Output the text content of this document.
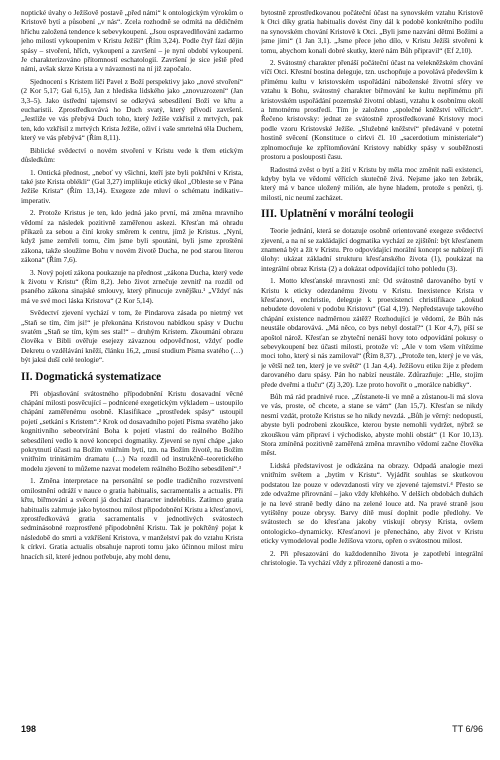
noptické úvahy o Ježíšově postavě „před námi“ k ontologickým výrokům o Kristově bytí a působení „v nás“. Zcela rozhodně se odmítá na dědičném hříchu založená tendence k sebevykoupení. „Jsou ospravedlňováni zadarmo jeho milostí vykoupením v Kristu Ježíši“ (Řím 3,24). Podle čtyř fází dějin spásy – stvoření, hřích, vykoupení a završení – je nyní období vykoupení. Je charakterizováno přítomností eschatologií. Završení je sice ještě před námi, avšak skrze Krista a v návaznosti na ní již započalo.

Sjednocení s Kristem líčí Pavel z Boží perspektivy jako „nové stvoření“ (2 Kor 5,17; Gal 6,15), Jan z hlediska lidského jako „znovuzrození“ (Jan 3,3–5). Jako ústřední tajemství se odkrývá sebesdílení Boží ve křtu a eucharistii. Zprostředkovává ho Duch svatý, který přivodí završení. „Jestliže ve vás přebývá Duch toho, který Ježíše vzkřísil z mrtvých, pak ten, kdo vzkřísil z mrtvých Krista Ježíše, oživí i vaše smrtelná těla Duchem, který ve vás přebývá“ (Řím 8,11).

Biblické svědectví o novém stvoření v Kristu vede k třem etickým důsledkům:

1. Ontická přednost, „neboť vy všichni, kteří jste byli pokřtěni v Krista, také jste Krista oblékli“ (Gal 3,27) implikuje etický úkol „Obleste se v Pána Ježíše Krista“ (Řím 13,14). Exegeze zde mluví o schématu indikativ–imperativ.

2. Protože Kristus je ten, kdo jedná jako první, má změna mravního vědomí za následek pozitivně zaměřenou askezi. Křesťan má ohradu příkazů za sebou a činí kroky směrem k centru, jímž je Kristus. „Nyní, když jsme zemřeli tomu, čím jsme byli spoutáni, byli jsme zproštěni zákona, takže sloužíme Bohu v novém životě Ducha, ne pod starou literou zákona“ (Řím 7,6).

3. Nový pojetí zákona poukazuje na přednost „zákona Ducha, který vede k životu v Kristu“ (Řím 8,2). Jeho život zrnečuje zevnitř na rozdíl od psaného zákona sinajské smlouvy, který přinucuje zvnějšku.¹ „Vždyť nás má ve své moci láska Kristova“ (2 Kor 5,14).

Svědectví zjevení vychází v tom, že Pindarova zásada po nietrný vet „Staň se tím, čím jsi!“ je překonána Kristovou nabídkou spásy v Duchu svatém „Staň se tím, kým ses stal!“ – druhým Kristem. Zkoumání obrazu člověka v Bibli ověřuje esejezy závaznou odpověďnost, vždyť podle Dekretu o vzdělávání kněží, článku 16,2, „musí studium Písma svatého (…) být jaksi duší celé teologie“.

II. Dogmatická systematizace

Při objasňování svátostného přípodobnění Kristu dosavadní věcné chápání milosti posvěcující – podnícené exegetickým výkladem – ustoupilo chápání zaměřenému osobně. Klasifikace „prostředek spásy“ ustoupil pojetí „setkání s Kristem“.² Krok od dosavadního pojetí Písma svatého jako kognitivního sebeotvírání Boha k pojetí vlastní do reálného Božího sebesdílení vedlo k nové koncepci dogmatiky. Zjevení se nyní chápe „jako pokrytnutí účasti na Božím vnitřním bytí, tzn. na Božím životě, na Božím vnitřním trinitárním dramatu (…) Na rozdíl od instrukčně–teoretického modelu zjevení to můžeme nazvat modelem reálného Božího sebesdílení“.³

1. Změna interpretace na personální se podle tradičního rozvrstvení omilostnění odráží v nauce o gratia habitualis, sacramentalis a actualis. Při křtu, biřmování a svěcení já dochází character indelebilis. Zatímco gratia habitualis zahrnuje jako bytostnou milost připodobnění Kristu a křesťanovi, zprostředkovává gratia sacramentalis v jednotlivých svátostech sedminásobné rozprostřené připodobnění Kristu. Tak je pokřtěný pojat k následobě do smrti a vzkříšení Kristova, v manželství pak do vztahu Krista k církvi. Gratia actualis obsahuje naproti tomu jako účinnou milost míru hnacích sil, které jednou potřebuje, aby mohl denu,

bytostně zprostředkovanou počáteční účast na synovském vztahu Kristově k Otci díky gratia habitualis dovést činy dál k podobě konkrétního podílu na synovském chování Kristově k Otci. „Byli jsme nazváni dětmi Božími a jsme jimi“ (1 Jan 3,1). „Jsme přece jeho dílo, v Kristu Ježíši stvořeni k tomu, abychom konali dobré skutky, které nám Bůh připravil“ (Ef 2,10).

2. Svátostný charakter přenáší počáteční účast na velekněžském chování víčí Otci. Křestní bostina deleguje, tzn. uschopňuje a povolává především k přímému kultu v kristovském uspořádání náboženské životní sféry ve vztahu k Bohu, svátostný charakter biřmování ke kultu nepřímému při kristovském uspořádání pozemské životní oblasti, vztahu k osobnímu okolí a hmotnému prostředí. Tím je založeno „společné kněžství věřících“. Řečeno kristovsky: jednat ze svátostně zprostředkované Kristovy moci podle vzoru Kristovské Ježíše. „Služebné kněžství“ předávané v potetní hostině svěcení (Konstituce o církvi čl. 10 „sacerdotium ministeriale“) zplnomocňuje ke zpřítomňování Kristovy nabídky spásy v souběžnosti prostoru a poslouposti času.

Radostná zvěst o bytí a žití v Kristu by měla moc změnit naši existenci, kdyby byla ve vědomí věřících skutečně živá. Nejsme jako ten žebrák, který má v bance uložený milión, ale hyne hladem, protože s penězi, tj. milostí, nic neumí zacházet.

III. Uplatnění v morální teologii

Teorie jednání, která se dotazuje osobně orientované exegeze svědectví zjevení, a na ní se zakládající dogmatika vychází ze zjištění: být křesťanem znamená být a žít v Kristu. Pro odpovídající morální koncept se nabízejí tři úlohy: ukázat základní strukturu křesťanského života (1), poukázat na integrální obraz Krista (2) a dokázat odpovídající toho pohledu (3).

1. Motto křesťanské mravnosti zní: Od svátostně darovaného bytí v Kristu k eticky odezdanému životu v Kristu. Inexistence Krista v křesťanovi, enchristie, deleguje k proexistenci christifikace „dokud nebudete dovoleni v podobu Kristovu“ (Gal 4,19). Nepředstavuje takového chápání existence nadměrnou zátěž? Rozhodující je vědomí, že Bůh nás neustále obdarovává. „Má něco, co bys nebyl dostal?“ (1 Kor 4,7), píší se apoštol nárož. Křesťan se zbyteční nenáší hovy toto odpovídání pokusy o sebevykoupení bez účasti milosti, protože ví: „Ale v tom všem vítězíme moci toho, který si nás zamiloval“ (Řím 8,37). „Protože ten, který je ve vás, je větší než ten, který je ve světě“ (1 Jan 4,4). Ježíšovu etiku žije z předem darovaného daru spásy. Pán ho nabízí neustále. Zdůrazňuje: „Hle, stojím přede dveřmi a tluču“ (Zj 3,20). Lze proto hovořit o „morálce nabídky“.

Bůh má rád pradnivé ruce. „Zůstanete-li ve mně a zůstanou-li má slova ve vás, proste, oč chcete, a stane se vám“ (Jan 15,7). Křesťan se nikdy nesmí vzdát, protože Kristus se ho nikdy nevzdá. „Bůh je věrný: nedopustí, abyste byli podrobeni zkouškce, kterou byste nemohli vydržet, nýbrž se zkouškou vám připraví i východisko, abyste mohli obstát“ (1 Kor 10,13). Stora zmíněná pozitivně zaměřená změna mravního vědomí začne člověka měst.

Lidská představivost je odkázána na obrazy. Odpadá analogie mezi vnitřním světem a „bytím v Kristu“. Vyjádřit souhlas se skutkovou podstatou lze pouze v odevzdanosti víry ve zjevené tajemství.⁴ Přesto se zde odvažme přirovnání – jako vždy křehkého. V delších obdobách duhách je na levé straně bedly dáno na zelené louce atd. Na pravé straně jsou vytištěny pouze obrysy. Barvy dítě musí doplnit podle předlohy. Ve svátostech se do křesťana jakoby vtiskují obrysy Krista, ovšem ontologicko–dynamicky. Křesťanovi je přenecháno, aby život v Kristu eticky vymodeloval podle Ježíšova vzoru, opřen o svátostnou milost.

2. Při přesazování do každodenního života je zapotřebí integrální christologie. Ta vychází vždy z přirozené danosti a mo-

198	TT 6/96
